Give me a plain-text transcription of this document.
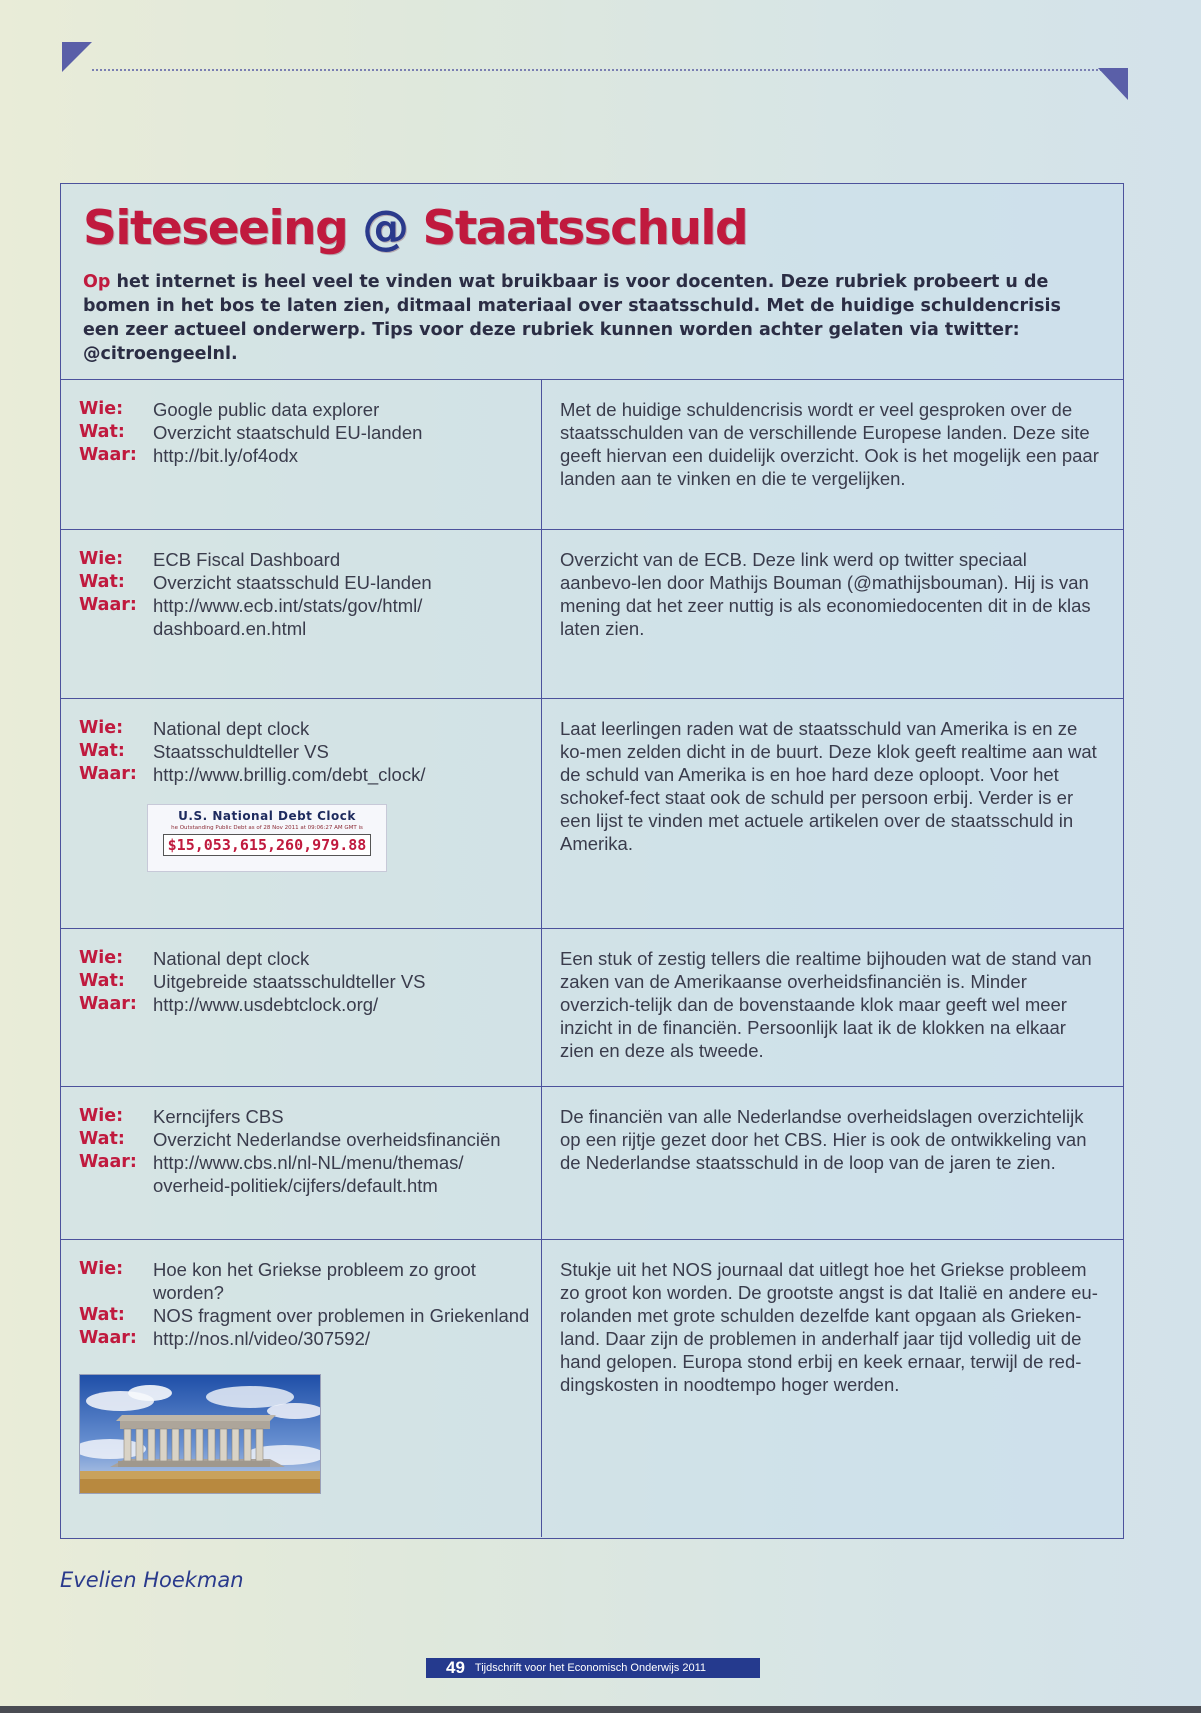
Siteseeing @ Staatsschuld

Op het internet is heel veel te vinden wat bruikbaar is voor docenten. Deze rubriek probeert u de bomen in het bos te laten zien, ditmaal materiaal over staatsschuld. Met de huidige schuldencrisis een zeer actueel onderwerp. Tips voor deze rubriek kunnen worden achter gelaten via twitter: @citroengeelnl.

Wie:	Google public data explorer
Wat:	Overzicht staatschuld EU-landen
Waar: http://bit.ly/of4odx
Met de huidige schuldencrisis wordt er veel gesproken over de staatsschulden van de verschillende Europese landen. Deze site geeft hiervan een duidelijk overzicht. Ook is het mogelijk een paar landen aan te vinken en die te vergelijken.
Wie:	ECB Fiscal Dashboard
Wat:	Overzicht staatsschuld EU-landen
Waar: http://www.ecb.int/stats/gov/html/ dashboard.en.html
Overzicht van de ECB. Deze link werd op twitter speciaal aanbevo-len door Mathijs Bouman (@mathijsbouman). Hij is van mening dat het zeer nuttig is als economiedocenten dit in de klas laten zien.
Wie:	National dept clock
Wat:	Staatsschuldteller VS
Waar: http://www.brillig.com/debt_clock/
U.S. National Debt Clock
he Outstanding Public Debt as of 28 Nov 2011 at 09:06:27 AM GMT is
$15,053,615,260,979.88
Laat leerlingen raden wat de staatsschuld van Amerika is en ze ko-men zelden dicht in de buurt. Deze klok geeft realtime aan wat de schuld van Amerika is en hoe hard deze oploopt. Voor het schokef-fect staat ook de schuld per persoon erbij. Verder is er een lijst te vinden met actuele artikelen over de staatsschuld in Amerika.
Wie:	National dept clock
Wat:	Uitgebreide staatsschuldteller VS
Waar: http://www.usdebtclock.org/
Een stuk of zestig tellers die realtime bijhouden wat de stand van zaken van de Amerikaanse overheidsfinanciën is. Minder overzich-telijk dan de bovenstaande klok maar geeft wel meer inzicht in de financiën. Persoonlijk laat ik de klokken na elkaar zien en deze als tweede.
Wie:	Kerncijfers CBS
Wat:	Overzicht Nederlandse overheidsfinanciën
Waar: http://www.cbs.nl/nl-NL/menu/themas/ overheid-politiek/cijfers/default.htm
De financiën van alle Nederlandse overheidslagen overzichtelijk op een rijtje gezet door het CBS. Hier is ook de ontwikkeling van de Nederlandse staatsschuld in de loop van de jaren te zien.
Wie:	Hoe kon het Griekse probleem zo groot worden?
Wat:	NOS fragment over problemen in Griekenland
Waar: http://nos.nl/video/307592/
Stukje uit het NOS journaal dat uitlegt hoe het Griekse probleem zo groot kon worden. De grootste angst is dat Italië en andere eu-rolanden met grote schulden dezelfde kant opgaan als Grieken-land. Daar zijn de problemen in anderhalf jaar tijd volledig uit de hand gelopen. Europa stond erbij en keek ernaar, terwijl de red-dingskosten in noodtempo hoger werden.

Evelien Hoekman

49 Tijdschrift voor het Economisch Onderwijs 2011
